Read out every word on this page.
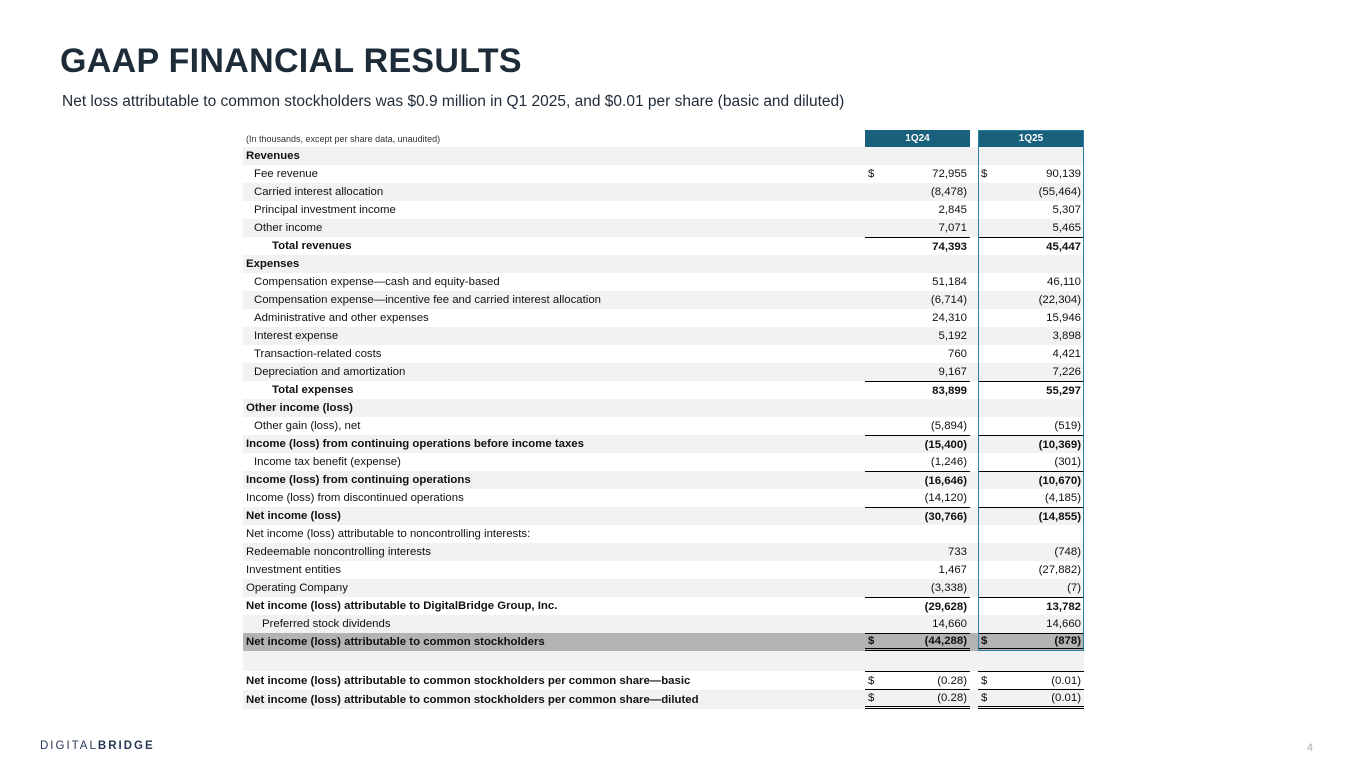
GAAP FINANCIAL RESULTS
Net loss attributable to common stockholders was $0.9 million in Q1 2025, and $0.01 per share (basic and diluted)
(In thousands, except per share data, unaudited)	1Q24	1Q25
Revenues
Fee revenue	$	72,955 $	90,139
Carried interest allocation	(8,478)	(55,464)
Principal investment income	2,845	5,307
Other income	7,071	5,465
Total revenues	74,393	45,447
Expenses
Compensation expense—cash and equity-based	51,184	46,110
Compensation expense—incentive fee and carried interest allocation	(6,714)	(22,304)
Administrative and other expenses	24,310	15,946
Interest expense	5,192	3,898
Transaction-related costs	760	4,421
Depreciation and amortization	9,167	7,226
Total expenses	83,899	55,297
Other income (loss)
Other gain (loss), net	(5,894)	(519)
Income (loss) from continuing operations before income taxes	(15,400)	(10,369)
Income tax benefit (expense)	(1,246)	(301)
Income (loss) from continuing operations	(16,646)	(10,670)
Income (loss) from discontinued operations	(14,120)	(4,185)
Net income (loss)	(30,766)	(14,855)
Net income (loss) attributable to noncontrolling interests:
Redeemable noncontrolling interests	733	(748)
Investment entities	1,467	(27,882)
Operating Company	(3,338)	(7)
Net income (loss) attributable to DigitalBridge Group, Inc.	(29,628)	13,782
Preferred stock dividends	14,660	14,660
Net income (loss) attributable to common stockholders	$	(44,288) $	(878)
Net income (loss) attributable to common stockholders per common share—basic	$	(0.28) $	(0.01)
Net income (loss) attributable to common stockholders per common share—diluted	$	(0.28) $	(0.01)
DIGITALBRIDGE	4
